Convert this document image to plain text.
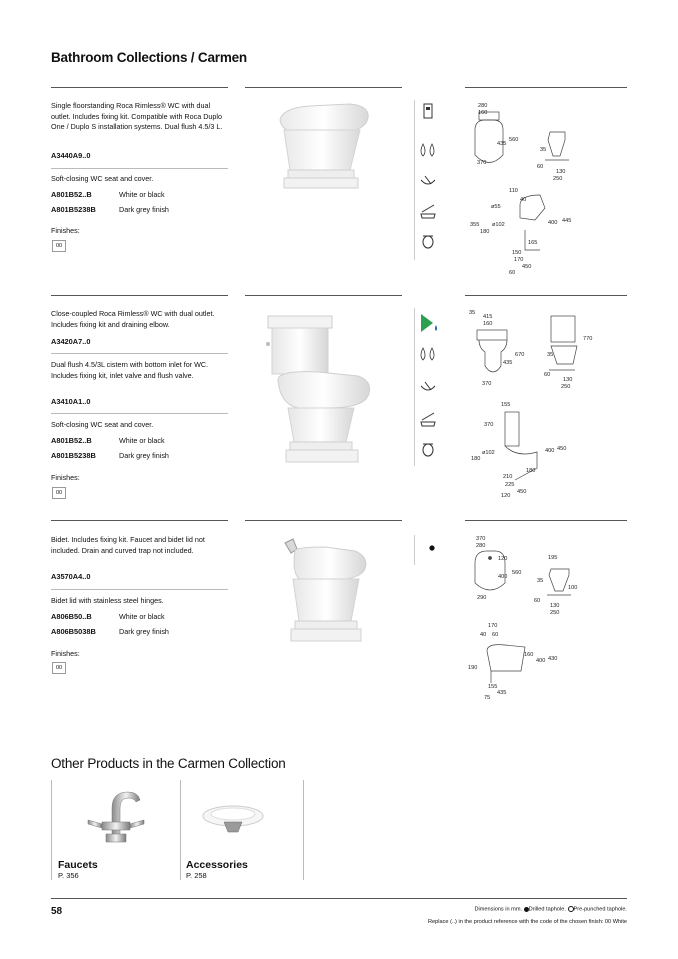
Bathroom Collections / Carmen
Single floorstanding Roca Rimless® WC with dual outlet. Includes fixing kit. Compatible with Roca Duplo One / Duplo S installation systems. Dual flush 4.5/3 L.
A3440A9..0
Soft-closing WC seat and cover.
A801B52..B	White or black
A801B5238B	Dark grey finish
Finishes:
00
280
160
435
560
370
35
60
130
250
110
40
ø55
ø102
355
180
400 445
165
150
170
450
60
Close-coupled Roca Rimless® WC with dual outlet. Includes fixing kit and draining elbow.
A3420A7..0
Dual flush 4.5/3L cistern with bottom inlet for WC. Includes fixing kit, inlet valve and flush valve.
A3410A1..0
Soft-closing WC seat and cover.
A801B52..B	White or black
A801B5238B	Dark grey finish
Finishes:
00
35
415
160
670
435
370
770
35
60
130
250
155
370
ø102
180
400 450
180
210
225
450
120
Bidet. Includes fixing kit. Faucet and bidet lid not included. Drain and curved trap not included.
A3570A4..0
Bidet lid with stainless steel hinges.
A806B50..B	White or black
A806B5038B	Dark grey finish
Finishes:
00
370
280
120
400
560
290
195
35
100
60
130
250
170
40 60
160
400 430
190
155
435
75
Other Products in the Carmen Collection
Faucets
P. 356
Accessories
P. 258
58	Dimensions in mm. Drilled taphole. Pre-punched taphole.
Replace (..) in the product reference with the code of the chosen finish: 00 White
